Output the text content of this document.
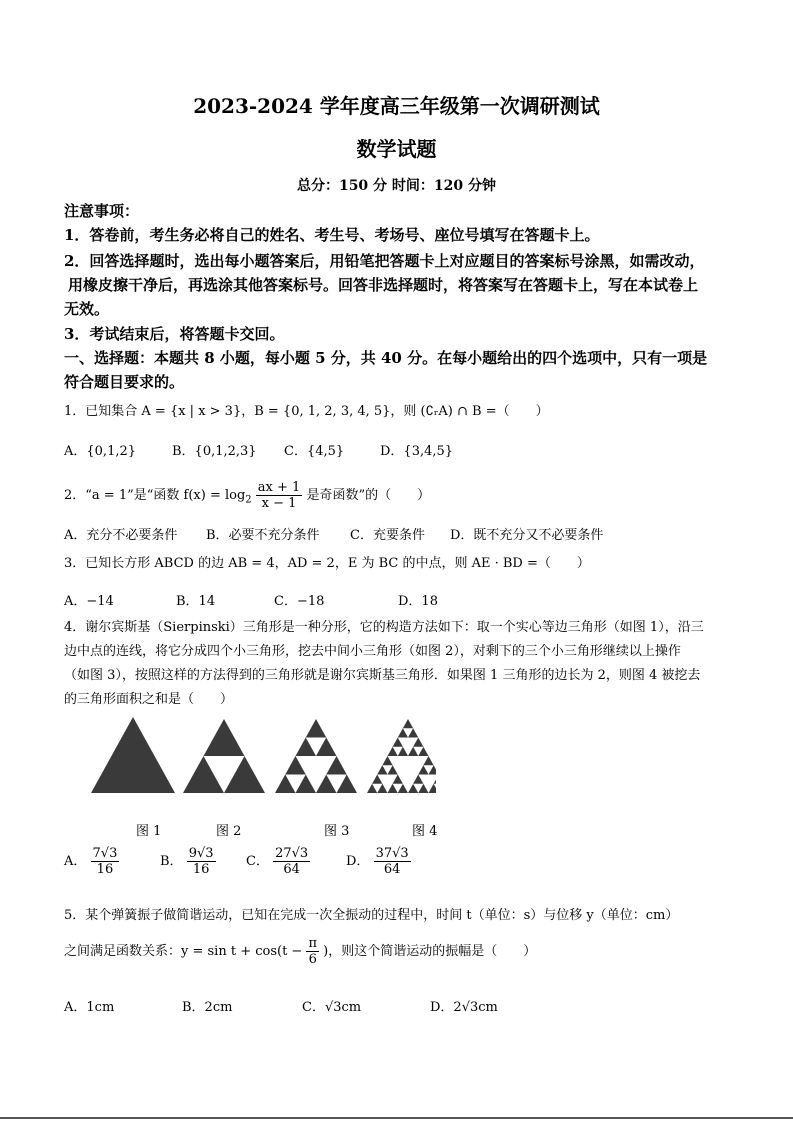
2023-2024 学年度高三年级第一次调研测试
数学试题
总分：150 分 时间：120 分钟
注意事项：
1．答卷前，考生务必将自己的姓名、考生号、考场号、座位号填写在答题卡上。
2．回答选择题时，选出每小题答案后，用铅笔把答题卡上对应题目的答案标号涂黑，如需改动，
用橡皮擦干净后，再选涂其他答案标号。回答非选择题时，将答案写在答题卡上，写在本试卷上
无效。
3．考试结束后，将答题卡交回。
一、选择题：本题共 8 小题，每小题 5 分，共 40 分。在每小题给出的四个选项中，只有一项是
符合题目要求的。
1．已知集合 A = {x | x > 3}，B = {0, 1, 2, 3, 4, 5}，则 (∁ᵣA) ∩ B =（　　）
A．{0,1,2}	B．{0,1,2,3} C．{4,5}	D．{3,4,5}
2．“a = 1”是“函数 $f(x) = \log_2 \frac{ax + 1}{x - 1}$ 是奇函数”的（　　）
A．充分不必要条件 B．必要不充分条件 C．充要条件 D．既不充分又不必要条件
3．已知长方形 ABCD 的边 AB = 4，AD = 2，E 为 BC 的中点，则 AE · BD =（　　）
A．−14	B．14	C．−18	D．18
4．谢尔宾斯基（Sierpinski）三角形是一种分形，它的构造方法如下：取一个实心等边三角形（如图 1），沿三
边中点的连线，将它分成四个小三角形，挖去中间小三角形（如图 2），对剩下的三个小三角形继续以上操作
（如图 3），按照这样的方法得到的三角形就是谢尔宾斯基三角形．如果图 1 三角形的边长为 2，则图 4 被挖去
的三角形面积之和是（　　）
图 1	图 2	图 3	图 4
A． $\frac{7√3}{16}$	B． $\frac{9√3}{16}$ C． $\frac{27√3}{64}$	D． $\frac{37√3}{64}$
5．某个弹簧振子做简谐运动，已知在完成一次全振动的过程中，时间 t（单位：s）与位移 y（单位：cm）
之间满足函数关系：$y = \sin t + \cos(t - \frac{\pi}{6}$ )，则这个简谐运动的振幅是（　　）
A．1cm	B．2cm	C．√3cm	D．2√3cm
